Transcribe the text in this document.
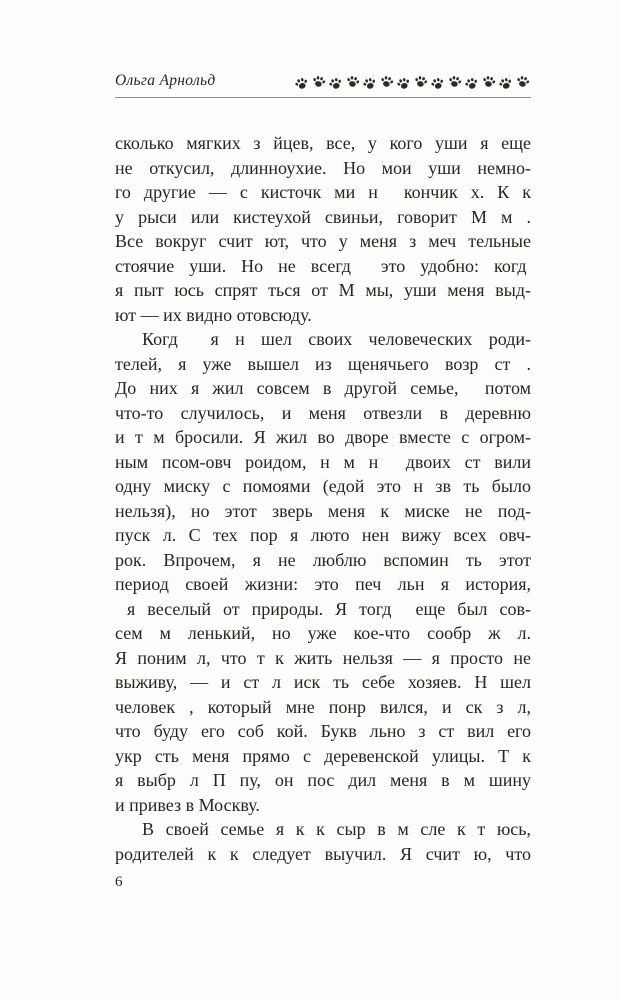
Ольга Арнольд
сколько мягких з йцев, все, у кого уши я еще
не откусил, длинноухие. Но мои уши немно-
го другие — с кисточк ми н  кончик х. К к
у рыси или кистеухой свиньи, говорит М м .
Все вокруг счит ют, что у меня з меч тельные
стоячие уши. Но не всегд  это удобно: когд
я пыт юсь спрят ться от М мы, уши меня выд-
ют — их видно отовсюду.
Когд  я н шел своих человеческих роди-
телей, я уже вышел из щенячьего возр ст .
До них я жил совсем в другой семье,  потом
что-то случилось, и меня отвезли в деревню
и т м бросили. Я жил во дворе вместе с огром-
ным псом-овч роидом, н м н  двоих ст вили
одну миску с помоями (едой это н зв ть было
нельзя), но этот зверь меня к миске не под-
пуск л. С тех пор я люто нен вижу всех овч-
рок. Впрочем, я не люблю вспомин ть этот
период своей жизни: это печ льн я история,
я веселый от природы. Я тогд  еще был сов-
сем м ленький, но уже кое-что сообр ж л.
Я поним л, что т к жить нельзя — я просто не
выживу, — и ст л иск ть себе хозяев. Н шел
человек , который мне понр вился, и ск з л,
что буду его соб кой. Букв льно з ст вил его
укр сть меня прямо с деревенской улицы. Т к
я выбр л П пу, он пос дил меня в м шину
и привез в Москву.
В своей семье я к к сыр в м сле к т юсь,
родителей к к следует выучил. Я счит ю, что
6
